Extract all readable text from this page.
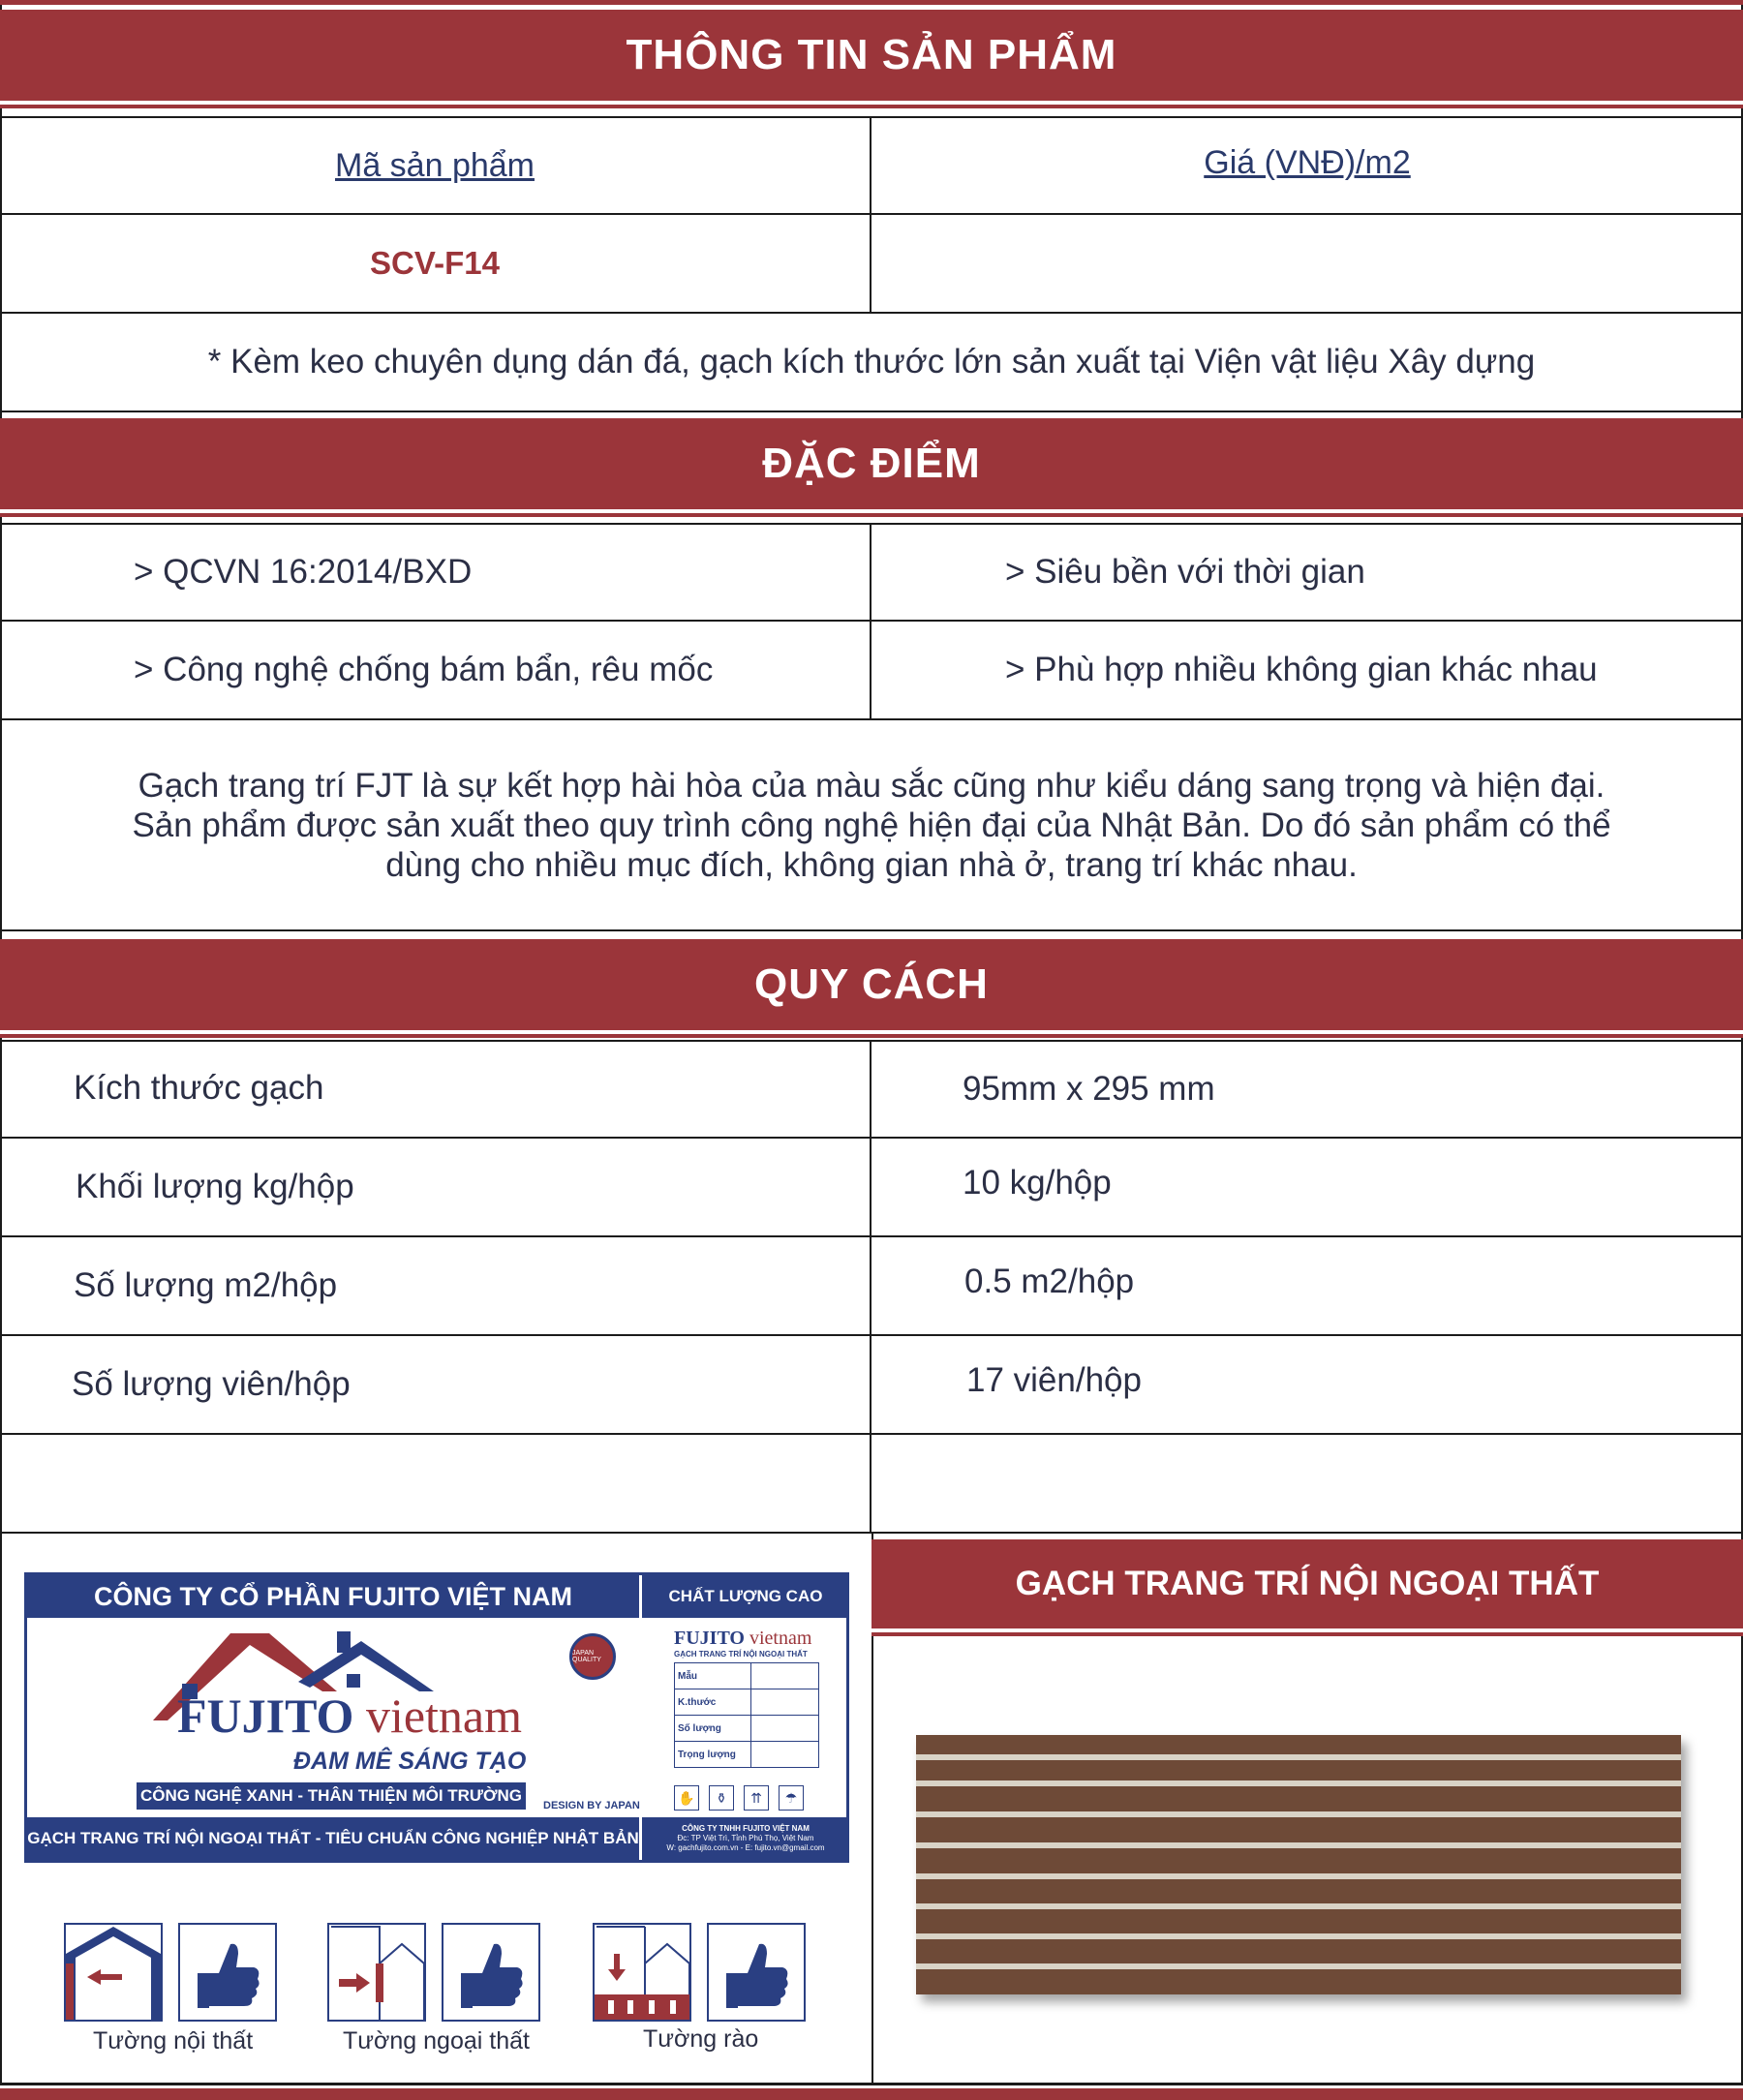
THÔNG TIN SẢN PHẨM
Mã sản phẩm	Giá (VNĐ)/m2
SCV-F14
* Kèm keo chuyên dụng dán đá, gạch kích thước lớn sản xuất tại Viện vật liệu Xây dựng
ĐẶC ĐIỂM
> QCVN 16:2014/BXD	> Siêu bền với thời gian
> Công nghệ chống bám bẩn, rêu mốc	> Phù hợp nhiều không gian khác nhau
Gạch trang trí FJT là sự kết hợp hài hòa của màu sắc cũng như kiểu dáng sang trọng và hiện đại. Sản phẩm được sản xuất theo quy trình công nghệ hiện đại của Nhật Bản. Do đó sản phẩm có thể dùng cho nhiều mục đích, không gian nhà ở, trang trí khác nhau.
QUY CÁCH
Kích thước gạch	95mm x 295 mm
Khối lượng kg/hộp	10 kg/hộp
Số lượng m2/hộp	0.5 m2/hộp
Số lượng viên/hộp	17 viên/hộp
CÔNG TY CỔ PHẦN FUJITO VIỆT NAM	CHẤT LƯỢNG CAO
FUJITO vietnam
ĐAM MÊ SÁNG TẠO
CÔNG NGHỆ XANH - THÂN THIỆN MÔI TRƯỜNG
DESIGN BY JAPAN
GẠCH TRANG TRÍ NỘI NGOẠI THẤT - TIÊU CHUẨN CÔNG NGHIỆP NHẬT BẢN
JAPAN QUALITY
FUJITO vietnam
GẠCH TRANG TRÍ NỘI NGOẠI THẤT
Mẫu	
K.thước	
Số lượng	
Trọng lượng	
✋	⚱	⇈	☂
CÔNG TY TNHH FUJITO VIỆT NAM
Đc: TP Việt Trì, Tỉnh Phú Thọ, Việt Nam
W: gachfujito.com.vn - E: fujito.vn@gmail.com
Tường nội thất	Tường ngoại thất	Tường rào
GẠCH TRANG TRÍ NỘI NGOẠI THẤT
